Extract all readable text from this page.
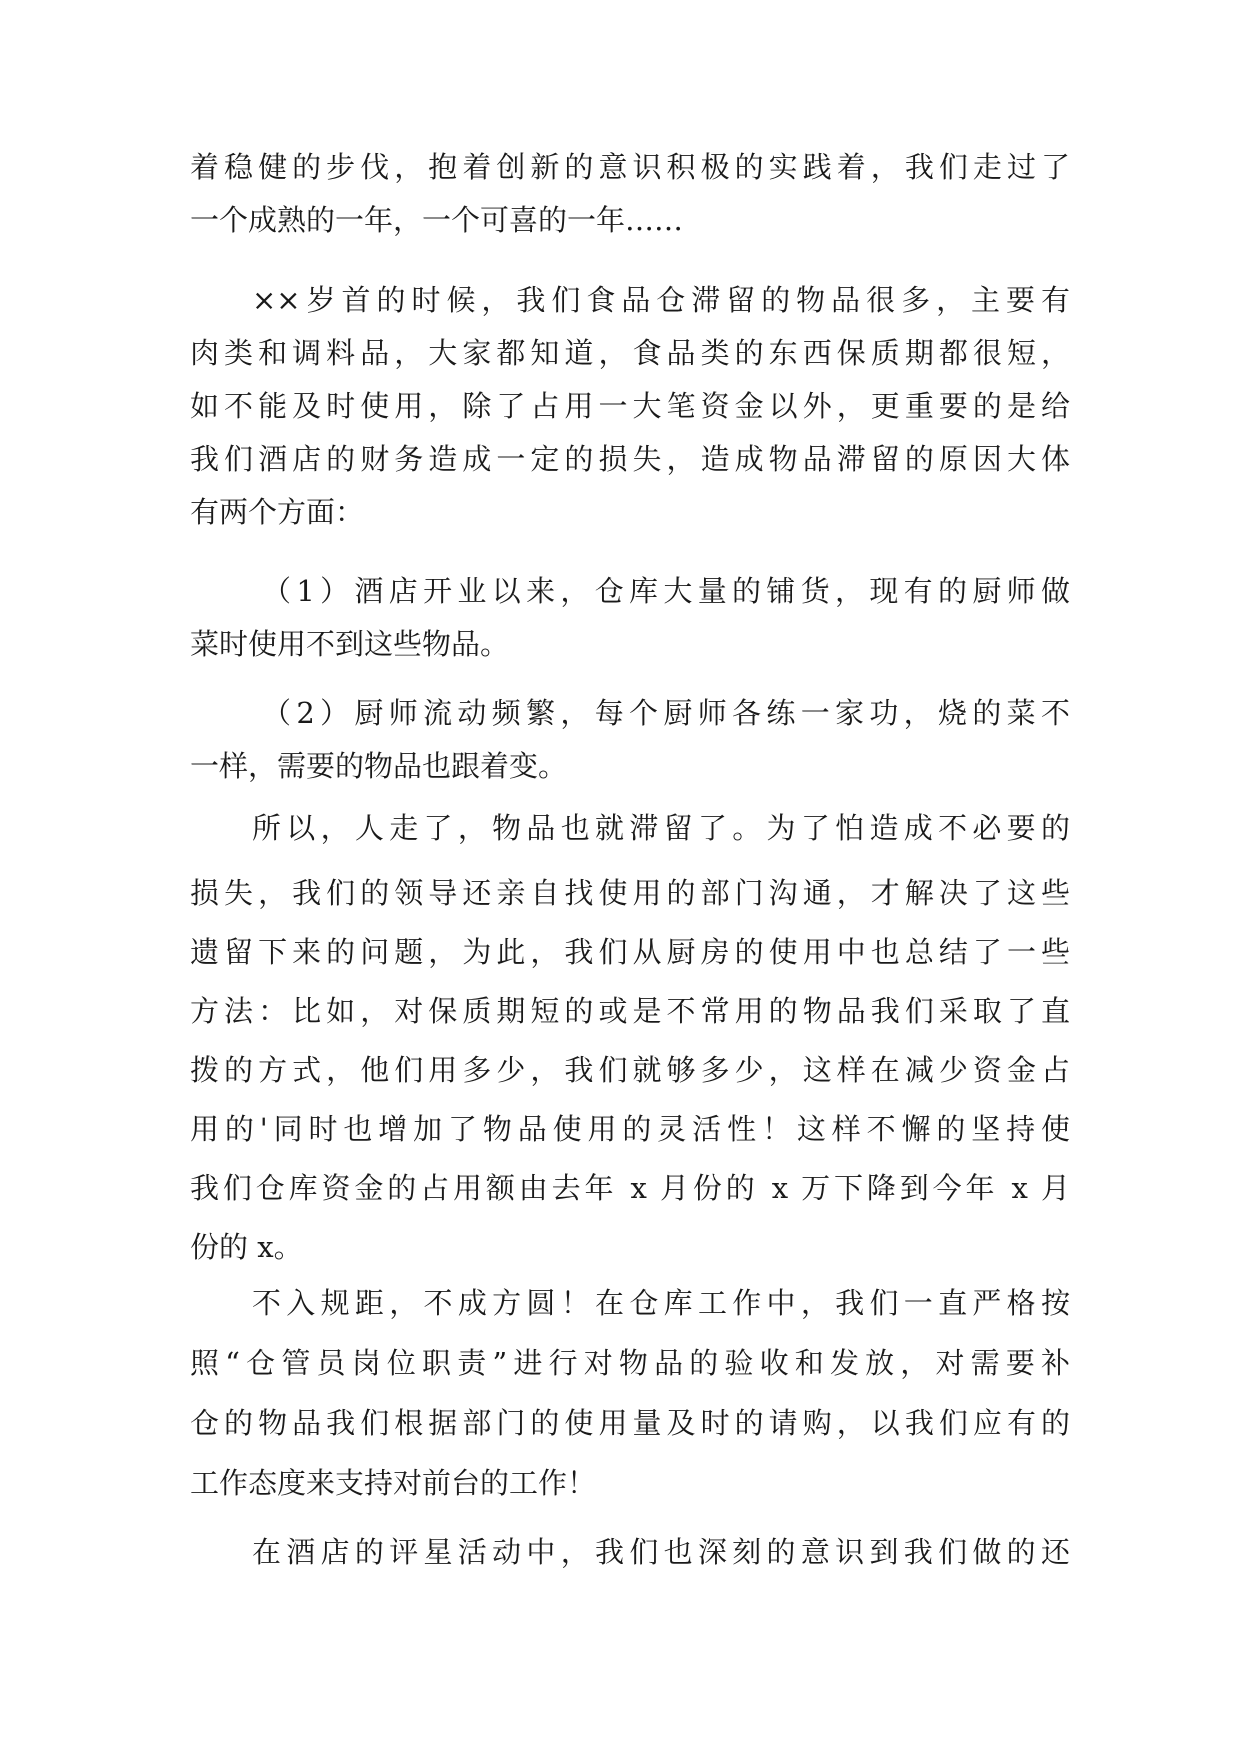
着稳健的步伐，抱着创新的意识积极的实践着，我们走过了
一个成熟的一年，一个可喜的一年……
××岁首的时候，我们食品仓滞留的物品很多，主要有
肉类和调料品，大家都知道，食品类的东西保质期都很短，
如不能及时使用，除了占用一大笔资金以外，更重要的是给
我们酒店的财务造成一定的损失，造成物品滞留的原因大体
有两个方面：
（1）酒店开业以来，仓库大量的铺货，现有的厨师做
菜时使用不到这些物品。
（2）厨师流动频繁，每个厨师各练一家功，烧的菜不
一样，需要的物品也跟着变。
所以，人走了，物品也就滞留了。为了怕造成不必要的
损失，我们的领导还亲自找使用的部门沟通，才解决了这些
遗留下来的问题，为此，我们从厨房的使用中也总结了一些
方法：比如，对保质期短的或是不常用的物品我们采取了直
拨的方式，他们用多少，我们就够多少，这样在减少资金占
用的'同时也增加了物品使用的灵活性！这样不懈的坚持使
我们仓库资金的占用额由去年 x 月份的 x 万下降到今年 x 月
份的 x。
不入规距，不成方圆！在仓库工作中，我们一直严格按
照“仓管员岗位职责”进行对物品的验收和发放，对需要补
仓的物品我们根据部门的使用量及时的请购，以我们应有的
工作态度来支持对前台的工作！
在酒店的评星活动中，我们也深刻的意识到我们做的还
